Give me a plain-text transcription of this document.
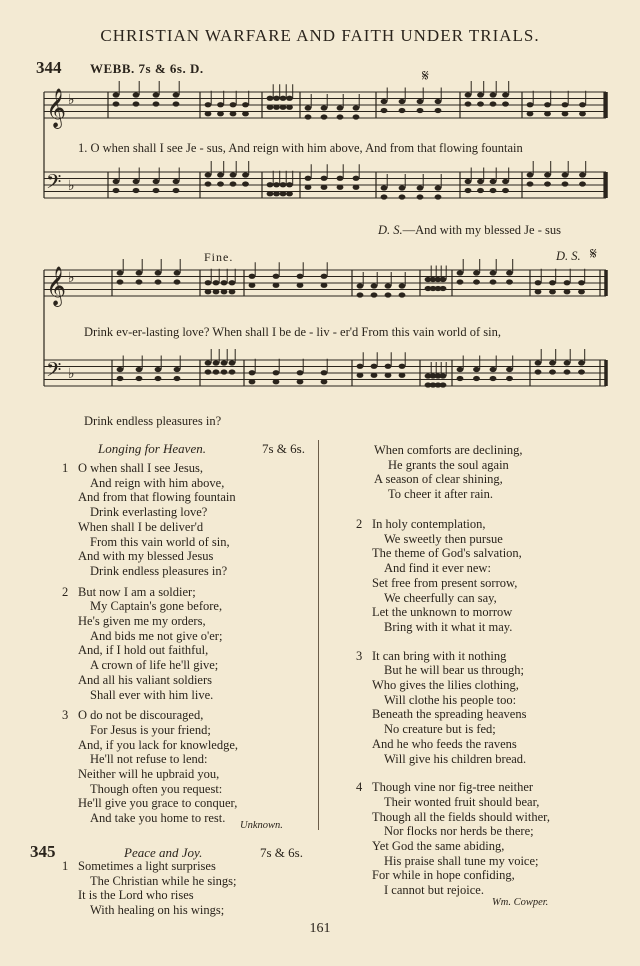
CHRISTIAN WARFARE AND FAITH UNDER TRIALS.
344 WEBB. 7s & 6s. D.	𝄋
𝄞 ♭
𝄢 ♭
1. O when shall I see Je - sus, And reign with him above, And from that flowing fountain
D. S.—And with my blessed Je - sus
Fine.	D. S. 𝄋
𝄞 ♭
𝄢 ♭
Drink ev-er-lasting love? When shall I be de - liv - er'd From this vain world of sin,
Drink endless pleasures in?
Longing for Heaven.	7s & 6s.
1 O when shall I see Jesus,
And reign with him above,
And from that flowing fountain
Drink everlasting love?
When shall I be deliver'd
From this vain world of sin,
And with my blessed Jesus
Drink endless pleasures in?
2 But now I am a soldier;
My Captain's gone before,
He's given me my orders,
And bids me not give o'er;
And, if I hold out faithful,
A crown of life he'll give;
And all his valiant soldiers
Shall ever with him live.
3 O do not be discouraged,
For Jesus is your friend;
And, if you lack for knowledge,
He'll not refuse to lend:
Neither will he upbraid you,
Though often you request:
He'll give you grace to conquer,
And take you home to rest.
Unknown.
345	Peace and Joy.	7s & 6s.
1 Sometimes a light surprises
The Christian while he sings;
It is the Lord who rises
With healing on his wings;
When comforts are declining,
He grants the soul again
A season of clear shining,
To cheer it after rain.
2 In holy contemplation,
We sweetly then pursue
The theme of God's salvation,
And find it ever new:
Set free from present sorrow,
We cheerfully can say,
Let the unknown to morrow
Bring with it what it may.
3 It can bring with it nothing
But he will bear us through;
Who gives the lilies clothing,
Will clothe his people too:
Beneath the spreading heavens
No creature but is fed;
And he who feeds the ravens
Will give his children bread.
4 Though vine nor fig-tree neither
Their wonted fruit should bear,
Though all the fields should wither,
Nor flocks nor herds be there;
Yet God the same abiding,
His praise shall tune my voice;
For while in hope confiding,
I cannot but rejoice.
Wm. Cowper.
161
